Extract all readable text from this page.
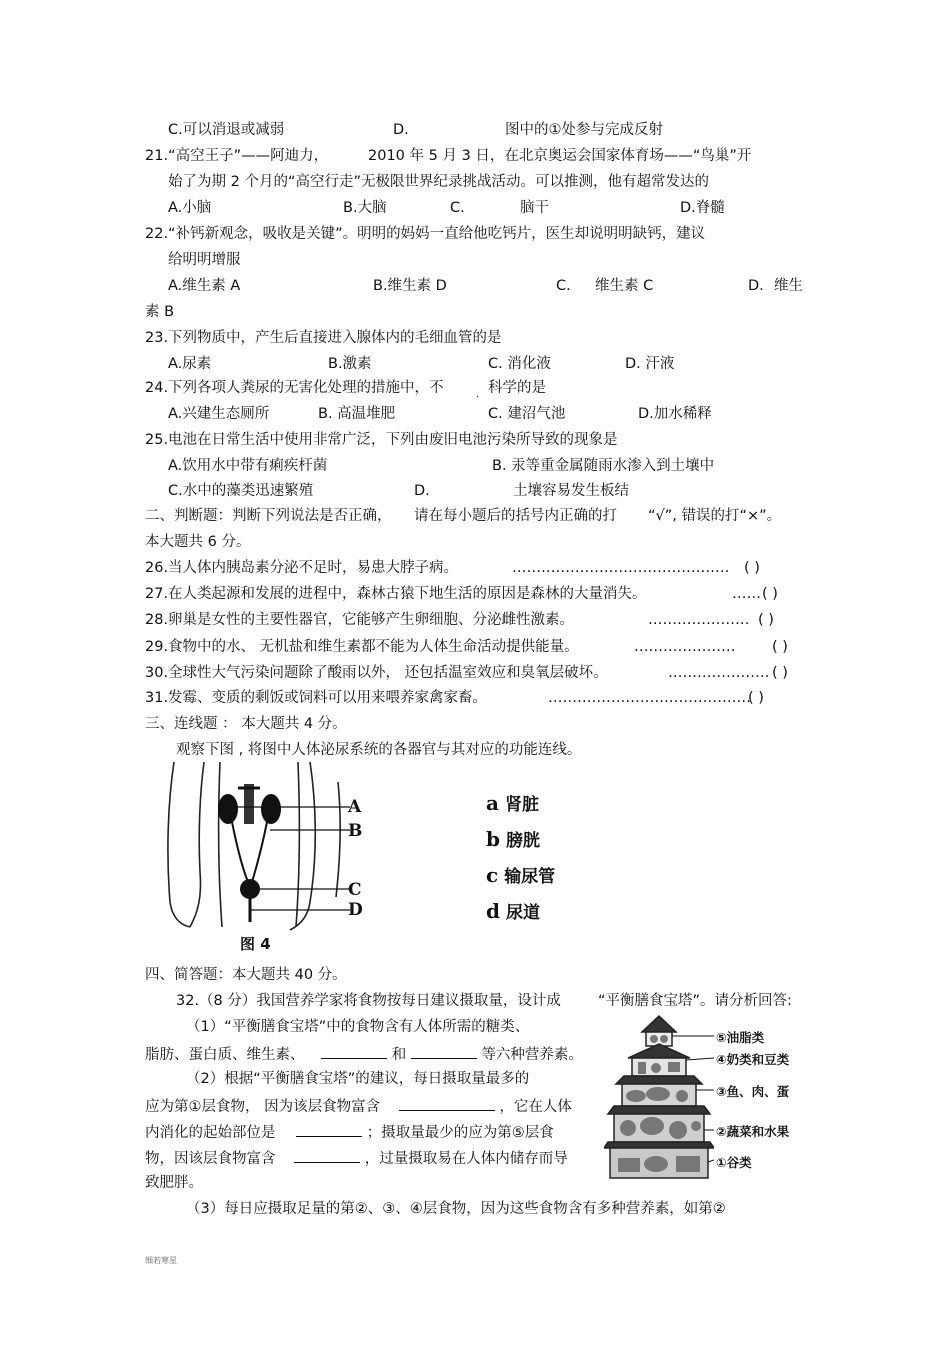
C.可以消退或减弱	D.	图中的①处参与完成反射
21.“高空王子”——阿迪力，	2010 年 5 月 3 日，在北京奥运会国家体育场——“鸟巢”开
始了为期 2 个月的“高空行走”无极限世界纪录挑战活动。可以推测，他有超常发达的
A.小脑	B.大脑	C.	脑干	D.脊髓
22.“补钙新观念，吸收是关键”。明明的妈妈一直给他吃钙片，医生却说明明缺钙，建议
给明明增服
A.维生素 A	B.维生素 D	C. 维生素 C	D. 维生
素 B
23.下列物质中，产生后直接进入腺体内的毛细血管的是
A.尿素	B.激素	C. 消化液	D. 汗液
24.下列各项人粪尿的无害化处理的措施中，不	科学的是
.
A.兴建生态厕所	B. 高温堆肥	C. 建沼气池	D.加水稀释
25.电池在日常生活中使用非常广泛，下列由废旧电池污染所导致的现象是
A.饮用水中带有痢疾杆菌	B. 汞等重金属随雨水渗入到土壤中
C.水中的藻类迅速繁殖	D.	土壤容易发生板结
二、判断题：判断下列说法是否正确， 请在每小题后的括号内正确的打 “√”, 错误的打“×”。
本大题共 6 分。
26.当人体内胰岛素分泌不足时，易患大脖子病。	……………………………………… ( )
27.在人类起源和发展的进程中，森林古猿下地生活的原因是森林的大量消失。	…… ( )
28.卵巢是女性的主要性器官，它能够产生卵细胞、分泌雌性激素。	………………… ( )
29.食物中的水、 无机盐和维生素都不能为人体生命活动提供能量。	…………………	( )
30.全球性大气污染问题除了酸雨以外， 还包括温室效应和臭氧层破坏。	………………… ( )
31.发霉、变质的剩饭或饲料可以用来喂养家禽家畜。	……………………………………
( )
三、连线题 ： 本大题共 4 分。
观察下图 , 将图中人体泌尿系统的各器官与其对应的功能连线。
A
B
C
D
图 4
a 肾脏
b 膀胱
c 输尿管
d 尿道
四、简答题：本大题共 40 分。
32.（8 分）我国营养学家将食物按每日建议摄取量，设计成	“平衡膳食宝塔”。请分析回答:
（1）“平衡膳食宝塔”中的食物含有人体所需的糖类、
脂肪、蛋白质、维生素、	和	等六种营养素。
（2）根据“平衡膳食宝塔”的建议，每日摄取量最多的
应为第①层食物， 因为该层食物富含	，它在人体
内消化的起始部位是	；摄取量最少的应为第⑤层食
物，因该层食物富含	，过量摄取易在人体内储存而导
致肥胖。
（3）每日应摄取足量的第②、③、④层食物，因为这些食物含有多种营养素，如第②
⑤油脂类
④奶类和豆类
③鱼、肉、蛋
②蔬菜和水果
①谷类
细若寒星
